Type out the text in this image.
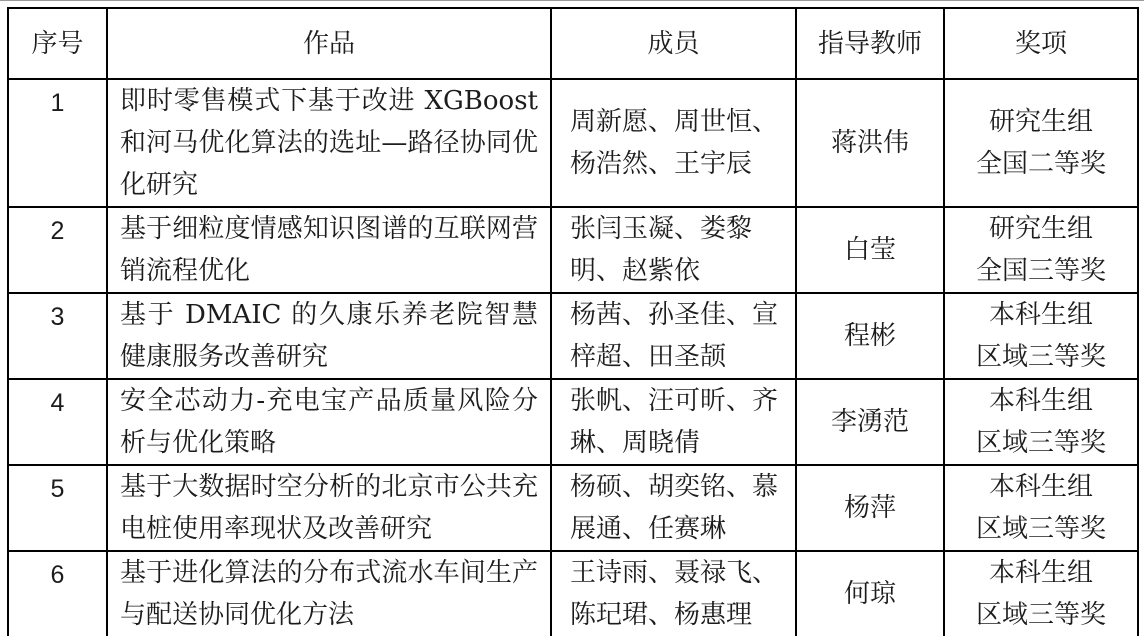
序号	作品	成员	指导教师	奖项
1	即时零售模式下基于改进 XGBoost 和河马优化算法的选址—路径协同优化研究	周新愿、周世恒、杨浩然、王宇辰	蒋洪伟	研究生组
全国二等奖

2	基于细粒度情感知识图谱的互联网营销流程优化	张闫玉凝、娄黎明、赵紫依	白莹	研究生组
全国三等奖

3	基于 DMAIC 的久康乐养老院智慧健康服务改善研究	杨茜、孙圣佳、宣梓超、田圣颉	程彬	本科生组
区域三等奖

4	安全芯动力-充电宝产品质量风险分析与优化策略	张帆、汪可昕、齐琳、周晓倩	李湧范	本科生组
区域三等奖

5	基于大数据时空分析的北京市公共充电桩使用率现状及改善研究	杨硕、胡奕铭、慕展通、任赛琳	杨萍	本科生组
区域三等奖

6	基于进化算法的分布式流水车间生产与配送协同优化方法	王诗雨、聂禄飞、陈玘珺、杨惠理	何琼	本科生组
区域三等奖
